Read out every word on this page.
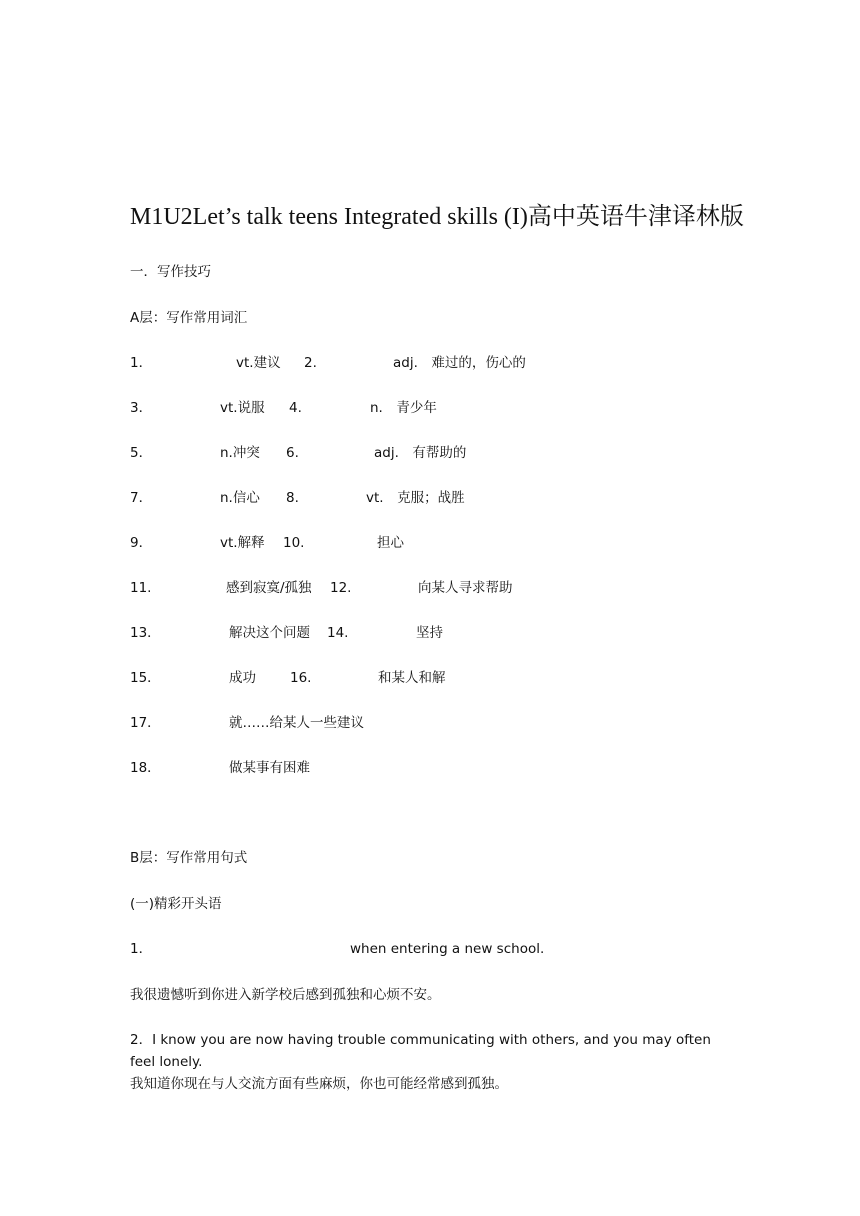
M1U2Let’s talk teens Integrated skills (I)高中英语牛津译林版
一．写作技巧
A层：写作常用词汇
1．	vt.建议 2.	adj.　难过的，伤心的
3．	vt.说服 4.	n.　青少年
5．	n.冲突 6.	adj.　有帮助的
7．	n.信心 8.	vt.　克服；战胜
9．	vt.解释 10.	担心
11.	感到寂寞/孤独 12.	向某人寻求帮助
13．	解决这个问题 14.	坚持
15．	成功	16.	和某人和解
17．	就……给某人一些建议
18．	做某事有困难
B层：写作常用句式
(一)精彩开头语
1．	when entering a new school.
我很遗憾听到你进入新学校后感到孤独和心烦不安。
2．I know you are now having trouble communicating with others, and you may often feel lonely.
我知道你现在与人交流方面有些麻烦，你也可能经常感到孤独。
